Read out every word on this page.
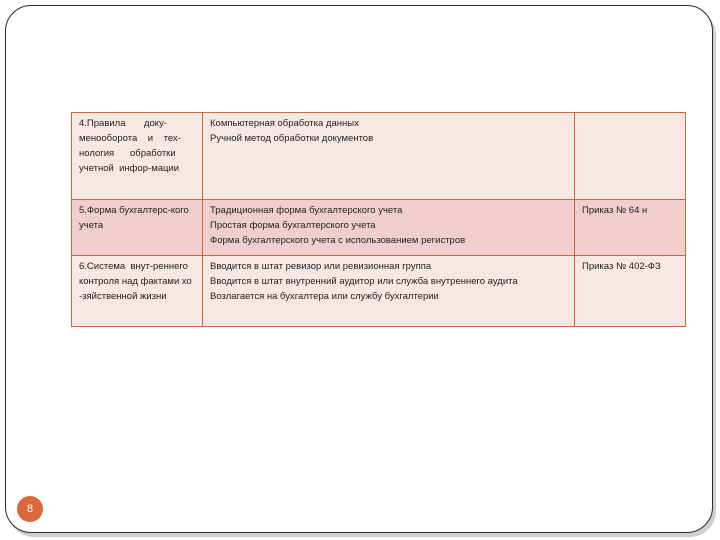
4.Правила       доку-
менооборота    и    тех-
нология      обработки
учетной  инфор-мации	Компьютерная обработка данных
Ручной метод обработки документов	

5.Форма бухгалтерс-кого
учета	Традиционная форма бухгалтерского учета
Простая форма бухгалтерского учета
Форма бухгалтерского учета с использованием регистров	Приказ № 64 н

6.Система  внут-реннего
контроля над фактами хо
-зяйственной жизни	Вводится в штат ревизор или ревизионная группа
Вводится в штат внутренний аудитор или служба внутреннего аудита
Возлагается на бухгалтера или службу бухгалтерии	Приказ № 402-ФЗ
8
